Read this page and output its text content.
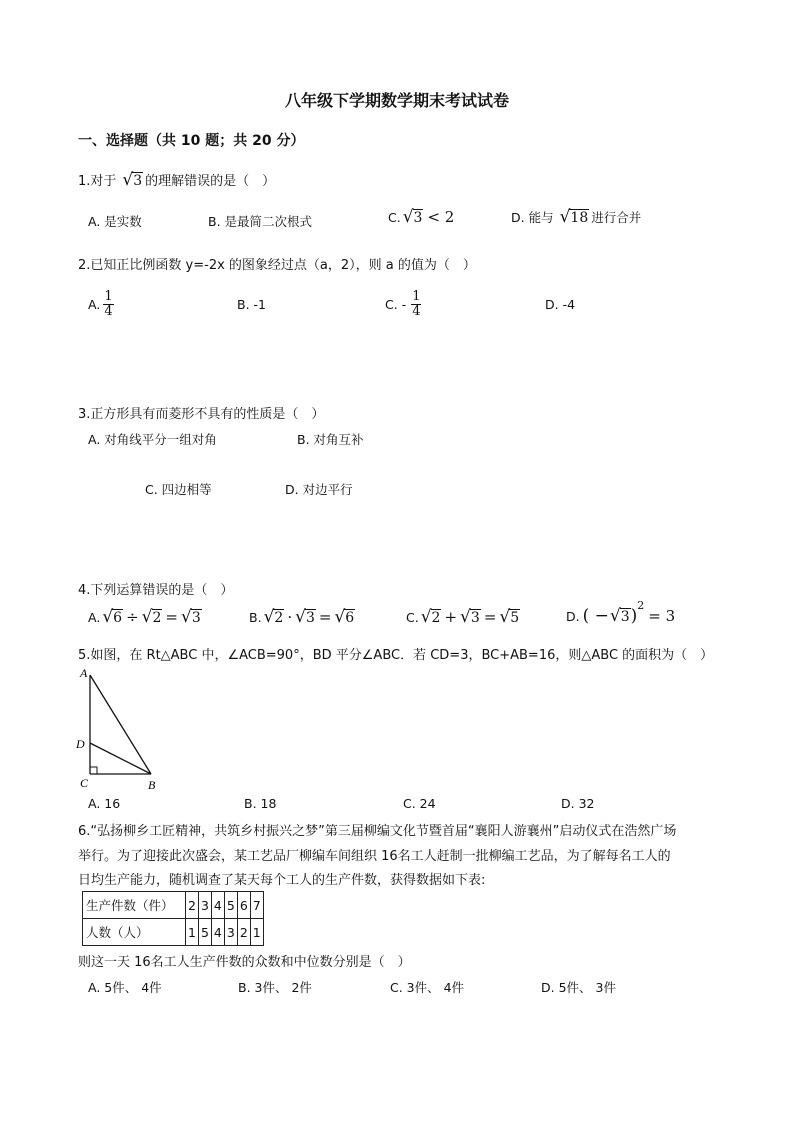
八年级下学期数学期末考试试卷
一、选择题（共 10 题；共 20 分）
1.对于 √ 3 的理解错误的是（　）
A. 是实数	B. 是最简二次根式	C. √ 3 < 2	D. 能与 √ 18 进行合并
2.已知正比例函数 y=-2x 的图象经过点（a，2），则 a 的值为（　）
A. $\frac{1}{4}$	B. -1	C. - $\frac{1}{4}$	D. -4
3.正方形具有而菱形不具有的性质是（　）
A. 对角线平分一组对角	B. 对角互补
C. 四边相等	D. 对边平行
4.下列运算错误的是（　）
A. √ 6 ÷ √ 2 = √ 3	B. √ 2 · √ 3 = √ 6	C. √ 2 + √ 3 = √ 5	D. ( − √ 3 )
2
= 3
5.如图，在 Rt△ABC 中，∠ACB=90°，BD 平分∠ABC．若 CD=3，BC+AB=16，则△ABC 的面积为（　）
A
D
C	B
A. 16	B. 18	C. 24	D. 32
6.“弘扬柳乡工匠精神，共筑乡村振兴之梦”第三届柳编文化节暨首届“襄阳人游襄州”启动仪式在浩然广场
举行。为了迎接此次盛会，某工艺品厂柳编车间组织 16名工人赶制一批柳编工艺品，为了解每名工人的
日均生产能力，随机调查了某天每个工人的生产件数，获得数据如下表:
生产件数（件）	2	3	4	5	6	7
人数（人）	1	5	4	3	2	1
则这一天 16名工人生产件数的众数和中位数分别是（　）
A. 5件、 4件	B. 3件、 2件	C. 3件、 4件	D. 5件、 3件
